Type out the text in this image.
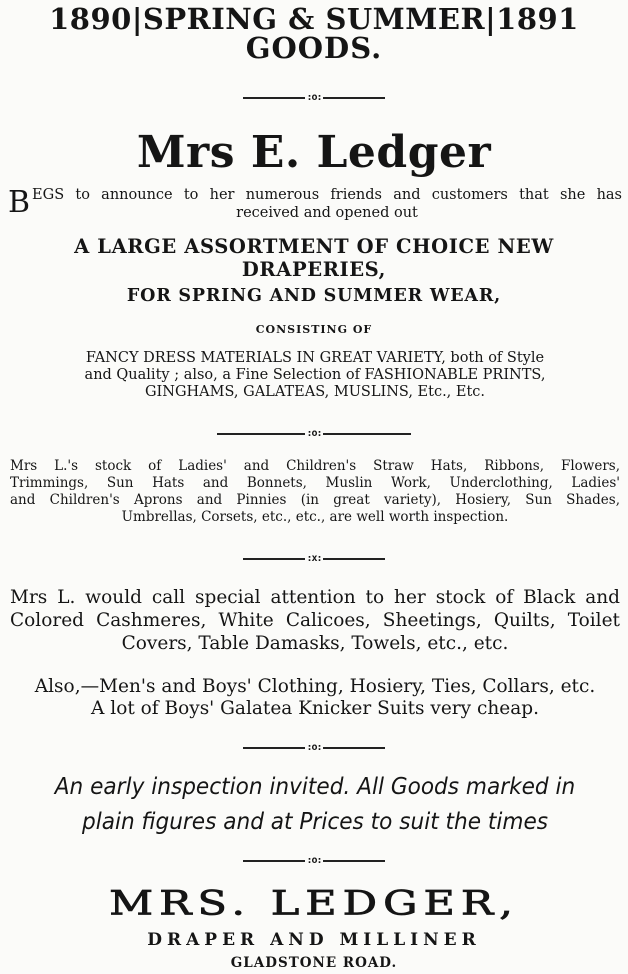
1890|SPRING & SUMMER|1891
GOODS.
:o:
Mrs E. Ledger
B EGS to announce to her numerous friends and customers that she has
received and opened out
A LARGE ASSORTMENT OF CHOICE NEW
DRAPERIES,
FOR SPRING AND SUMMER WEAR,
CONSISTING OF
FANCY DRESS MATERIALS IN GREAT VARIETY, both of Style
and Quality ; also, a Fine Selection of FASHIONABLE PRINTS,
GINGHAMS, GALATEAS, MUSLINS, Etc., Etc.
:o:
Mrs L.'s stock of Ladies' and Children's Straw Hats, Ribbons, Flowers,
Trimmings, Sun Hats and Bonnets, Muslin Work, Underclothing, Ladies'
and Children's Aprons and Pinnies (in great variety), Hosiery, Sun Shades,
Umbrellas, Corsets, etc., etc., are well worth inspection.
:x:
Mrs L. would call special attention to her stock of Black and
Colored Cashmeres, White Calicoes, Sheetings, Quilts, Toilet
Covers, Table Damasks, Towels, etc., etc.
Also,—Men's and Boys' Clothing, Hosiery, Ties, Collars, etc.
A lot of Boys' Galatea Knicker Suits very cheap.
:o:
An early inspection invited. All Goods marked in
plain figures and at Prices to suit the times
:o:
MRS. LEDGER,
DRAPER AND MILLINER
GLADSTONE ROAD.
